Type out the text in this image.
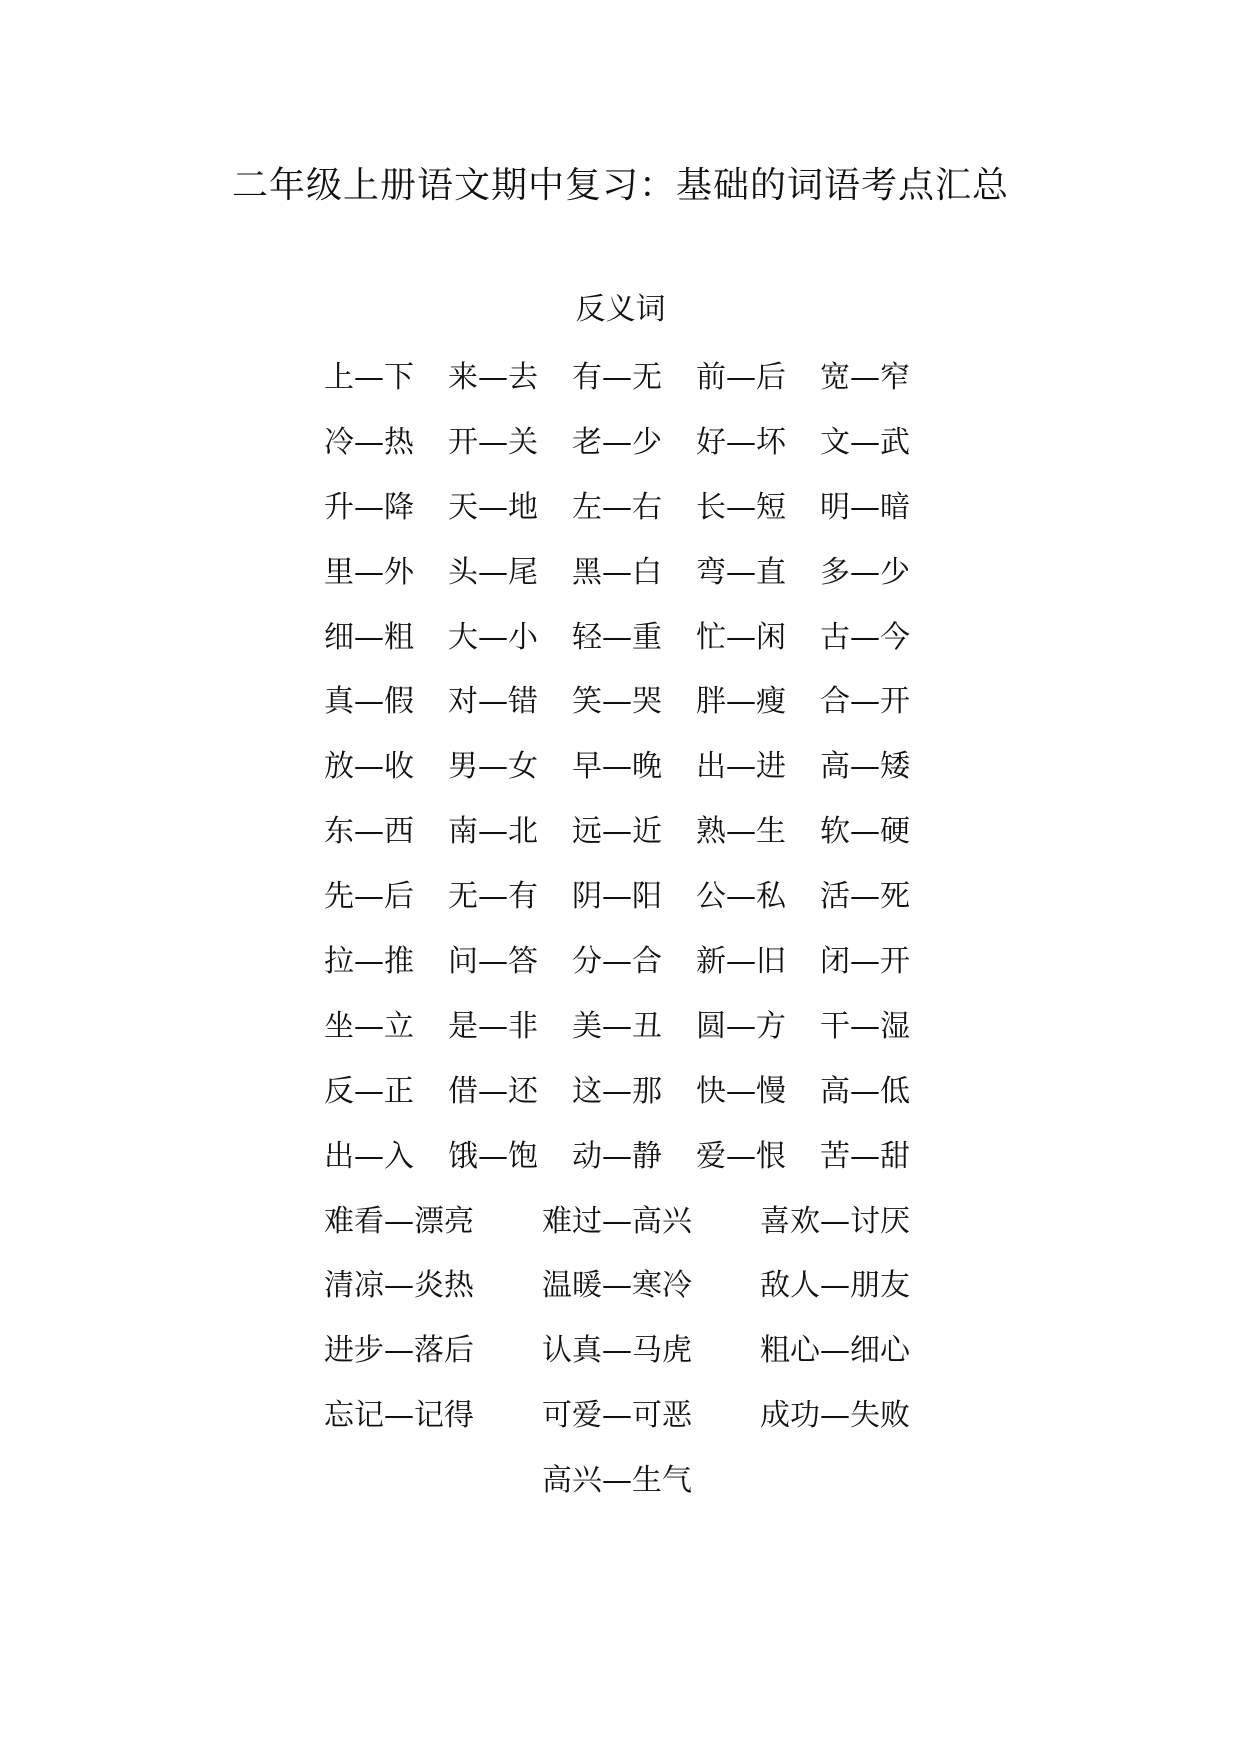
二年级上册语文期中复习：基础的词语考点汇总
反义词
上—下	来—去	有—无	前—后	宽—窄
冷—热	开—关	老—少	好—坏	文—武
升—降	天—地	左—右	长—短	明—暗
里—外	头—尾	黑—白	弯—直	多—少
细—粗	大—小	轻—重	忙—闲	古—今
真—假	对—错	笑—哭	胖—瘦	合—开
放—收	男—女	早—晚	出—进	高—矮
东—西	南—北	远—近	熟—生	软—硬
先—后	无—有	阴—阳	公—私	活—死
拉—推	问—答	分—合	新—旧	闭—开
坐—立	是—非	美—丑	圆—方	干—湿
反—正	借—还	这—那	快—慢	高—低
出—入	饿—饱	动—静	爱—恨	苦—甜
难看—漂亮	难过—高兴	喜欢—讨厌
清凉—炎热	温暖—寒冷	敌人—朋友
进步—落后	认真—马虎	粗心—细心
忘记—记得	可爱—可恶	成功—失败
高兴—生气
